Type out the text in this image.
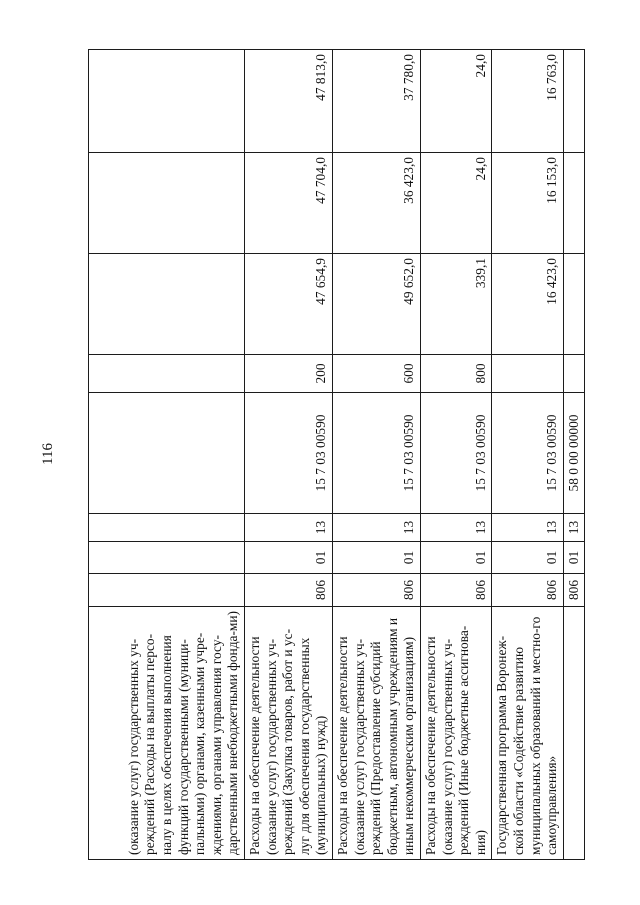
116
(оказание услуг) государственных уч-реждений (Расходы на выплаты персо-налу в целях обеспечения выполнения функций государственными (муници-пальными) органами, казенными учре-ждениями, органами управления госу-дарственными внебюджетными фонда-ми)								
Расходы на обеспечение деятельности (оказание услуг) государственных уч-реждений (Закупка товаров, работ и ус-луг для обеспечения государственных (муниципальных) нужд)	806	01	13	15 7 03 00590	200	47 654,9	47 704,0	47 813,0
Расходы на обеспечение деятельности (оказание услуг) государственных уч-реждений (Предоставление субсидий бюджетным, автономным учреждениям и иным некоммерческим организациям)	806	01	13	15 7 03 00590	600	49 652,0	36 423,0	37 780,0
Расходы на обеспечение деятельности (оказание услуг) государственных уч-реждений (Иные бюджетные ассигнова-ния)	806	01	13	15 7 03 00590	800	339,1	24,0	24,0
Государственная программа Воронеж-ской области «Содействие развитию муниципальных образований и местно-го самоуправления»	806	01	13	15 7 03 00590		16 423,0	16 153,0	16 763,0
	806	01	13	58 0 00 00000				
